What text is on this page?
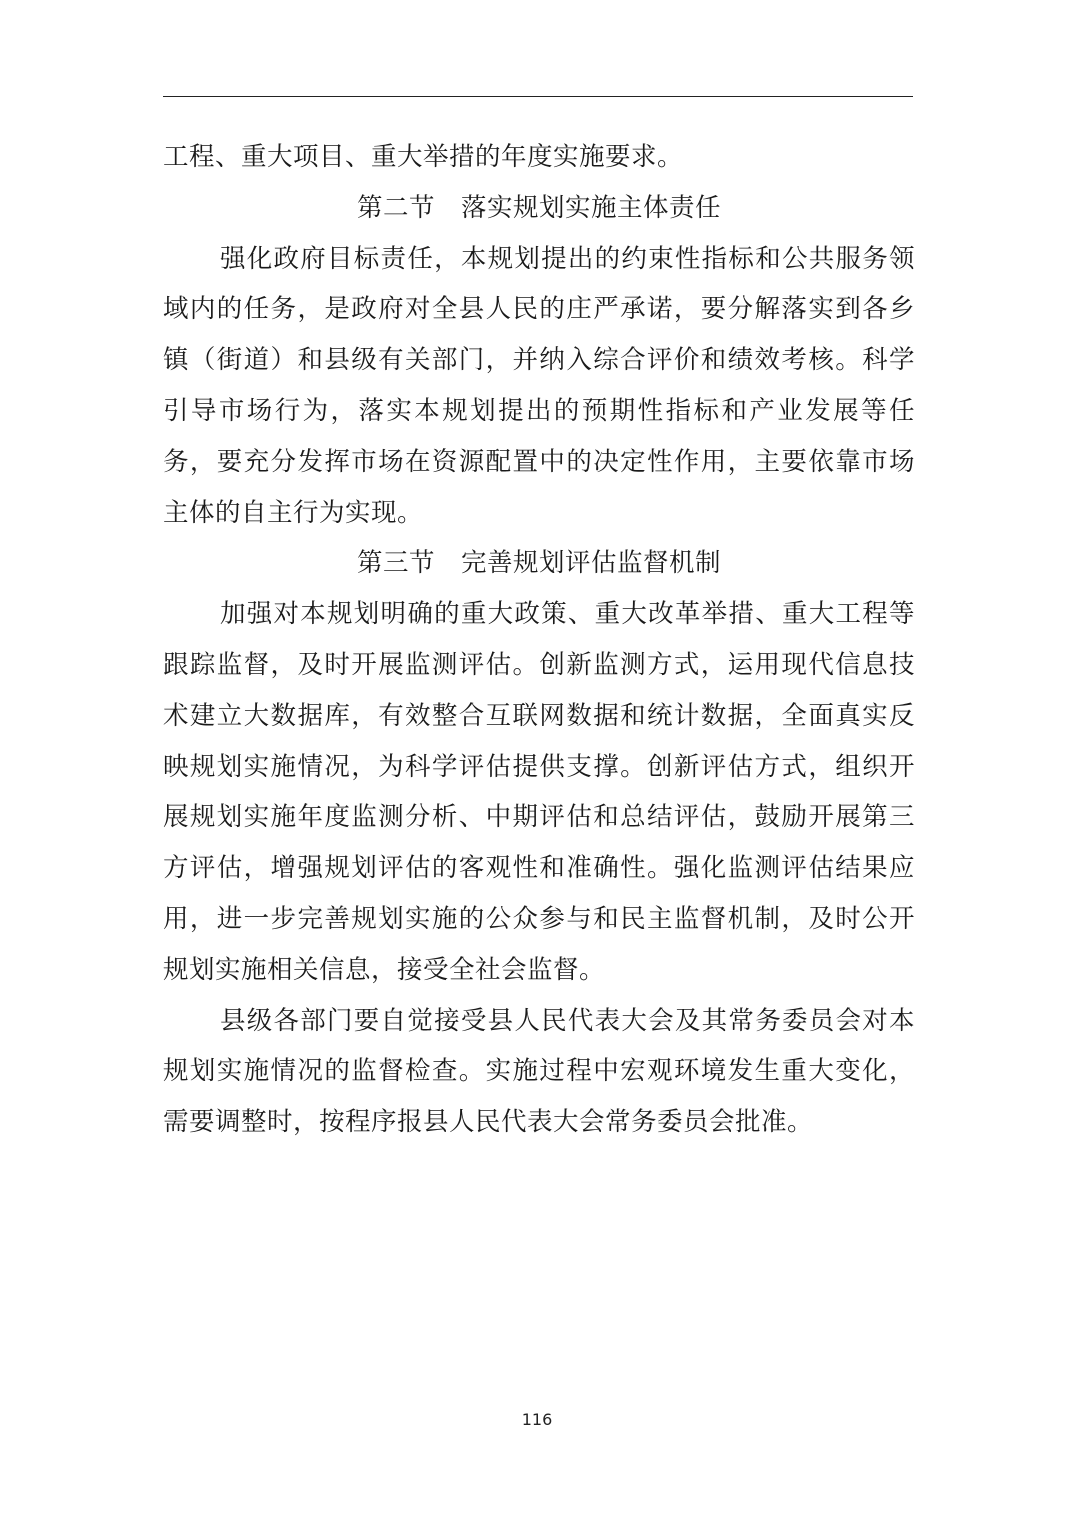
工程、重大项目、重大举措的年度实施要求。

第二节　落实规划实施主体责任

强化政府目标责任，本规划提出的约束性指标和公共服务领域内的任务，是政府对全县人民的庄严承诺，要分解落实到各乡镇（街道）和县级有关部门，并纳入综合评价和绩效考核。科学引导市场行为，落实本规划提出的预期性指标和产业发展等任务，要充分发挥市场在资源配置中的决定性作用，主要依靠市场主体的自主行为实现。

第三节　完善规划评估监督机制

加强对本规划明确的重大政策、重大改革举措、重大工程等跟踪监督，及时开展监测评估。创新监测方式，运用现代信息技术建立大数据库，有效整合互联网数据和统计数据，全面真实反映规划实施情况，为科学评估提供支撑。创新评估方式，组织开展规划实施年度监测分析、中期评估和总结评估，鼓励开展第三方评估，增强规划评估的客观性和准确性。强化监测评估结果应用，进一步完善规划实施的公众参与和民主监督机制，及时公开规划实施相关信息，接受全社会监督。

县级各部门要自觉接受县人民代表大会及其常务委员会对本规划实施情况的监督检查。实施过程中宏观环境发生重大变化，需要调整时，按程序报县人民代表大会常务委员会批准。

116
